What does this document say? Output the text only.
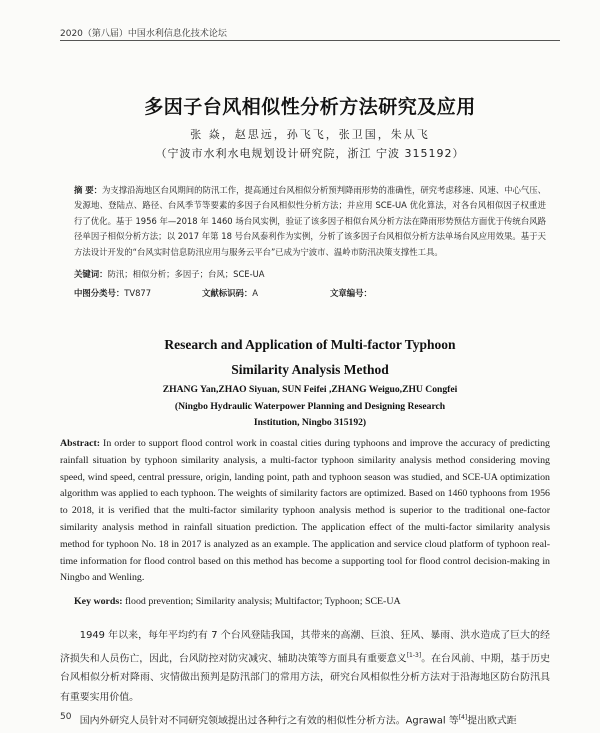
2020（第八届）中国水利信息化技术论坛
多因子台风相似性分析方法研究及应用
张 焱，赵思远，孙飞飞，张卫国，朱从飞
（宁波市水利水电规划设计研究院，浙江 宁波 315192）
摘 要：为支撑沿海地区台风期间的防汛工作，提高通过台风相似分析预判降雨形势的准确性，研究考虑移速、风速、中心气压、发源地、登陆点、路径、台风季节等要素的多因子台风相似性分析方法；并应用 SCE-UA 优化算法，对各台风相似因子权重进行了优化。基于 1956 年—2018 年 1460 场台风实例，验证了该多因子相似台风分析方法在降雨形势预估方面优于传统台风路径单因子相似分析方法；以 2017 年第 18 号台风泰利作为实例，分析了该多因子台风相似分析方法单场台风应用效果。基于天方法设计开发的“台风实时信息防汛应用与服务云平台”已成为宁波市、温岭市防汛决策支撑性工具。
关键词：防汛；相似分析；多因子；台风；SCE-UA
中图分类号：TV877	文献标识码：A	文章编号：
Research and Application of Multi-factor Typhoon
Similarity Analysis Method
ZHANG Yan,ZHAO Siyuan, SUN Feifei ,ZHANG Weiguo,ZHU Congfei
(Ningbo Hydraulic Waterpower Planning and Designing Research
Institution, Ningbo 315192)
Abstract: In order to support flood control work in coastal cities during typhoons and improve the accuracy of predicting rainfall situation by typhoon similarity analysis, a multi-factor typhoon similarity analysis method considering moving speed, wind speed, central pressure, origin, landing point, path and typhoon season was studied, and SCE-UA optimization algorithm was applied to each typhoon. The weights of similarity factors are optimized. Based on 1460 typhoons from 1956 to 2018, it is verified that the multi-factor similarity typhoon analysis method is superior to the traditional one-factor similarity analysis method in rainfall situation prediction. The application effect of the multi-factor similarity analysis method for typhoon No. 18 in 2017 is analyzed as an example. The application and service cloud platform of typhoon real-time information for flood control based on this method has become a supporting tool for flood control decision-making in Ningbo and Wenling.
Key words: flood prevention; Similarity analysis; Multifactor; Typhoon; SCE-UA

1949 年以来，每年平均约有 7 个台风登陆我国，其带来的高潮、巨浪、狂风、暴雨、洪水造成了巨大的经济损失和人员伤亡，因此，台风防控对防灾减灾、辅助决策等方面具有重要意义[1-3]。在台风前、中期，基于历史台风相似分析对降雨、灾情做出预判是防汛部门的常用方法，研究台风相似性分析方法对于沿海地区防台防汛具有重要实用价值。

国内外研究人员针对不同研究领域提出过各种行之有效的相似性分析方法。Agrawal 等[4]提出欧式距

50
